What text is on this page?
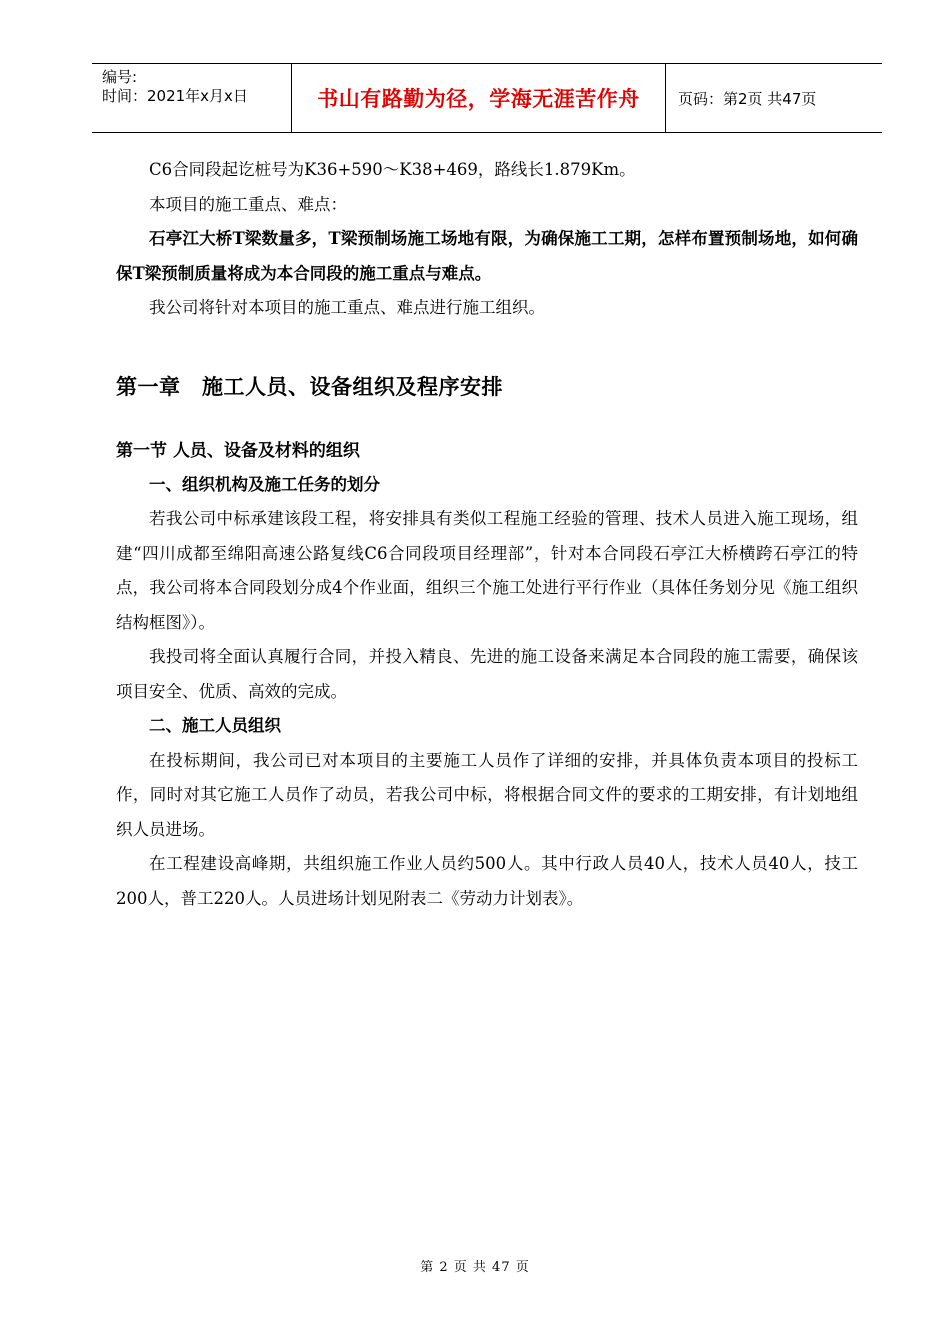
编号:
时间：2021年x月x日	书山有路勤为径，学海无涯苦作舟	页码：第2页 共47页

C6合同段起讫桩号为K36+590～K38+469，路线长1.879Km。

本项目的施工重点、难点：

石亭江大桥T梁数量多，T梁预制场施工场地有限，为确保施工工期，怎样布置预制场地，如何确保T梁预制质量将成为本合同段的施工重点与难点。

我公司将针对本项目的施工重点、难点进行施工组织。

第一章　施工人员、设备组织及程序安排

第一节 人员、设备及材料的组织

一、组织机构及施工任务的划分

若我公司中标承建该段工程，将安排具有类似工程施工经验的管理、技术人员进入施工现场，组建“四川成都至绵阳高速公路复线C6合同段项目经理部”，针对本合同段石亭江大桥横跨石亭江的特点，我公司将本合同段划分成4个作业面，组织三个施工处进行平行作业（具体任务划分见《施工组织结构框图》）。

我投司将全面认真履行合同，并投入精良、先进的施工设备来满足本合同段的施工需要，确保该项目安全、优质、高效的完成。

二、施工人员组织

在投标期间，我公司已对本项目的主要施工人员作了详细的安排，并具体负责本项目的投标工作，同时对其它施工人员作了动员，若我公司中标，将根据合同文件的要求的工期安排，有计划地组织人员进场。

在工程建设高峰期，共组织施工作业人员约500人。其中行政人员40人，技术人员40人，技工200人，普工220人。人员进场计划见附表二《劳动力计划表》。

第 2 页 共 47 页
